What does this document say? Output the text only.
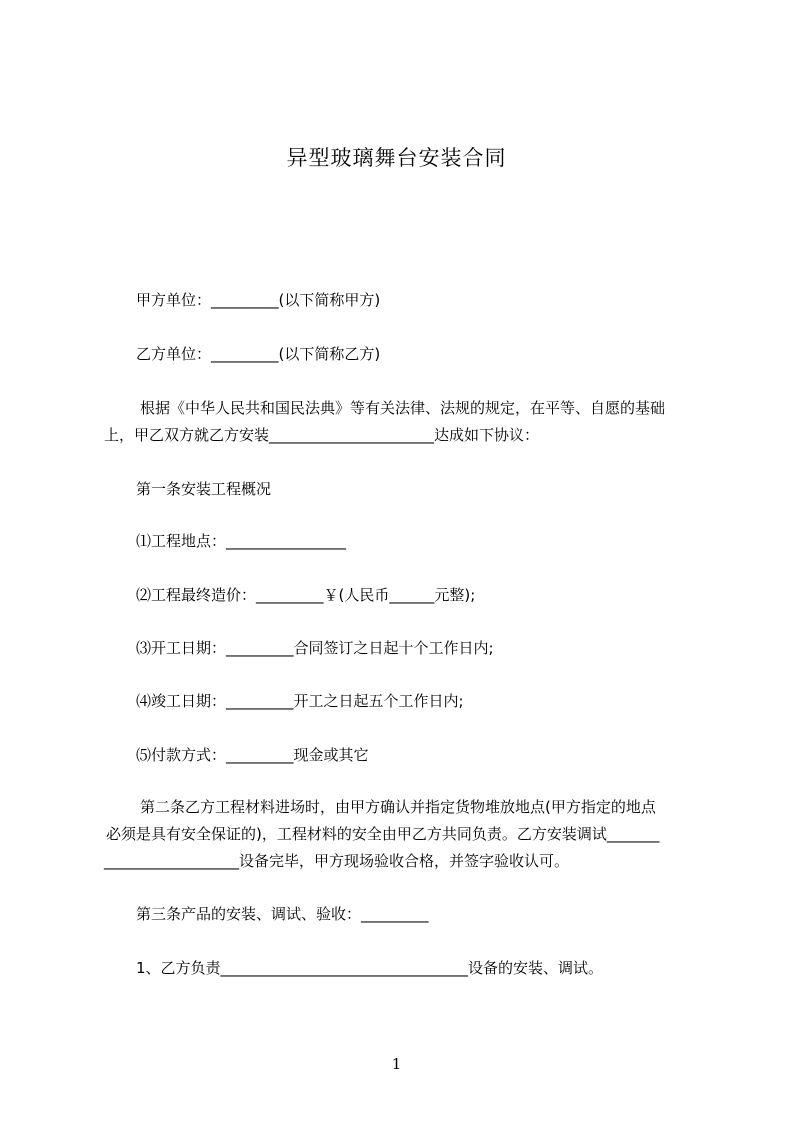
异型玻璃舞台安装合同
甲方单位：_________(以下简称甲方)
乙方单位：_________(以下简称乙方)
根据《中华人民共和国民法典》等有关法律、法规的规定，在平等、自愿的基础
上，甲乙双方就乙方安装______________________达成如下协议：
第一条安装工程概况
⑴工程地点：________________
⑵工程最终造价：_________￥(人民币______元整);
⑶开工日期：_________合同签订之日起十个工作日内;
⑷竣工日期：_________开工之日起五个工作日内;
⑸付款方式：_________现金或其它
第二条乙方工程材料进场时，由甲方确认并指定货物堆放地点(甲方指定的地点
必须是具有安全保证的)，工程材料的安全由甲乙方共同负责。乙方安装调试_______
__________________设备完毕，甲方现场验收合格，并签字验收认可。
第三条产品的安装、调试、验收：_________
1、乙方负责_________________________________设备的安装、调试。
1
